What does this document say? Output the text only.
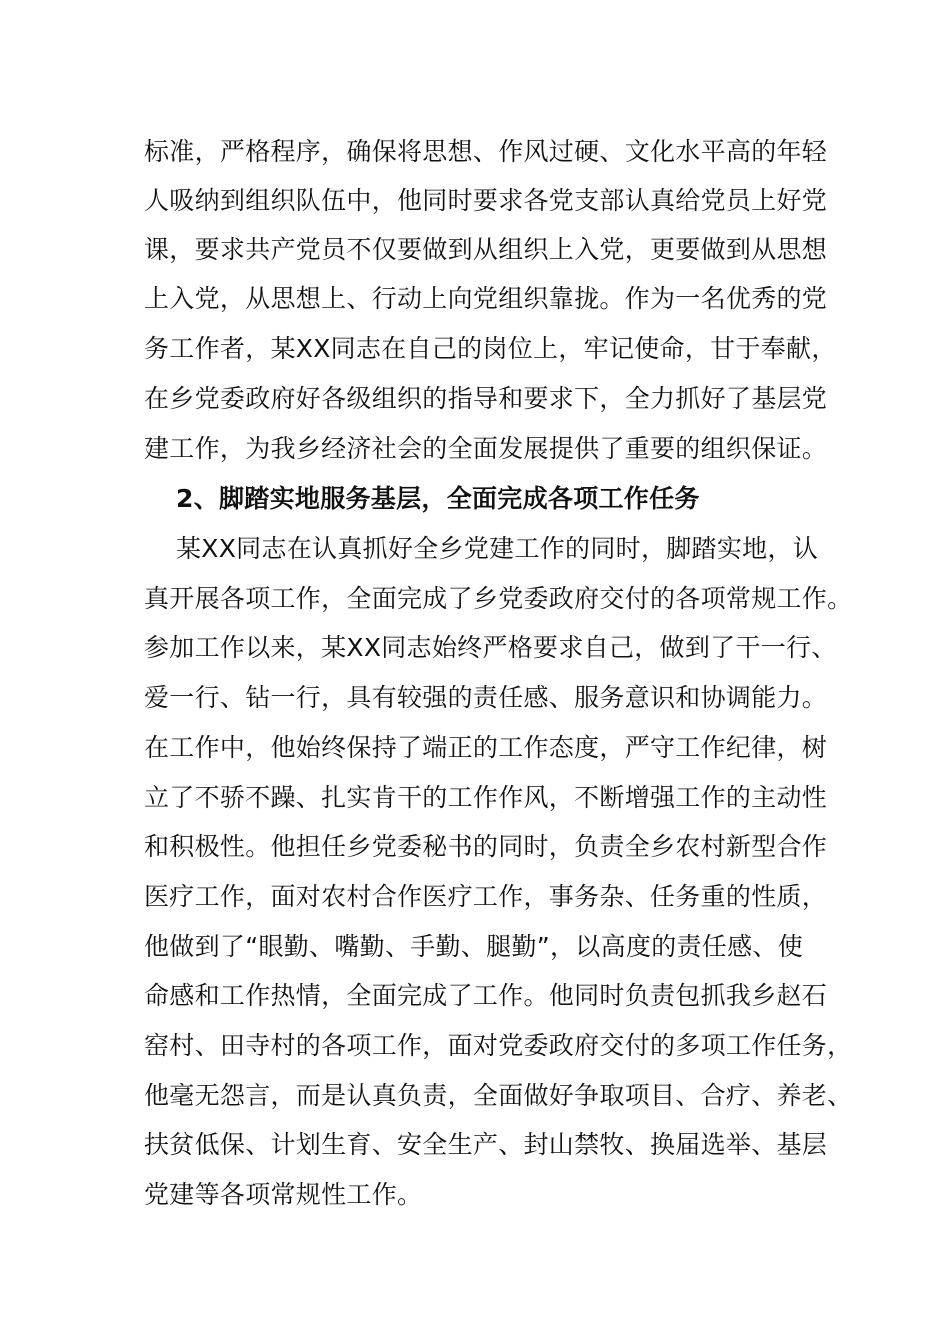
标准，严格程序，确保将思想、作风过硬、文化水平高的年轻
人吸纳到组织队伍中，他同时要求各党支部认真给党员上好党
课，要求共产党员不仅要做到从组织上入党，更要做到从思想
上入党，从思想上、行动上向党组织靠拢。作为一名优秀的党
务工作者，某XX同志在自己的岗位上，牢记使命，甘于奉献，
在乡党委政府好各级组织的指导和要求下，全力抓好了基层党
建工作，为我乡经济社会的全面发展提供了重要的组织保证。
2、脚踏实地服务基层，全面完成各项工作任务
某XX同志在认真抓好全乡党建工作的同时，脚踏实地，认
真开展各项工作，全面完成了乡党委政府交付的各项常规工作。
参加工作以来，某XX同志始终严格要求自己，做到了干一行、
爱一行、钻一行，具有较强的责任感、服务意识和协调能力。
在工作中，他始终保持了端正的工作态度，严守工作纪律，树
立了不骄不躁、扎实肯干的工作作风，不断增强工作的主动性
和积极性。他担任乡党委秘书的同时，负责全乡农村新型合作
医疗工作，面对农村合作医疗工作，事务杂、任务重的性质，
他做到了“眼勤、嘴勤、手勤、腿勤”，以高度的责任感、使
命感和工作热情，全面完成了工作。他同时负责包抓我乡赵石
窑村、田寺村的各项工作，面对党委政府交付的多项工作任务，
他毫无怨言，而是认真负责，全面做好争取项目、合疗、养老、
扶贫低保、计划生育、安全生产、封山禁牧、换届选举、基层
党建等各项常规性工作。
